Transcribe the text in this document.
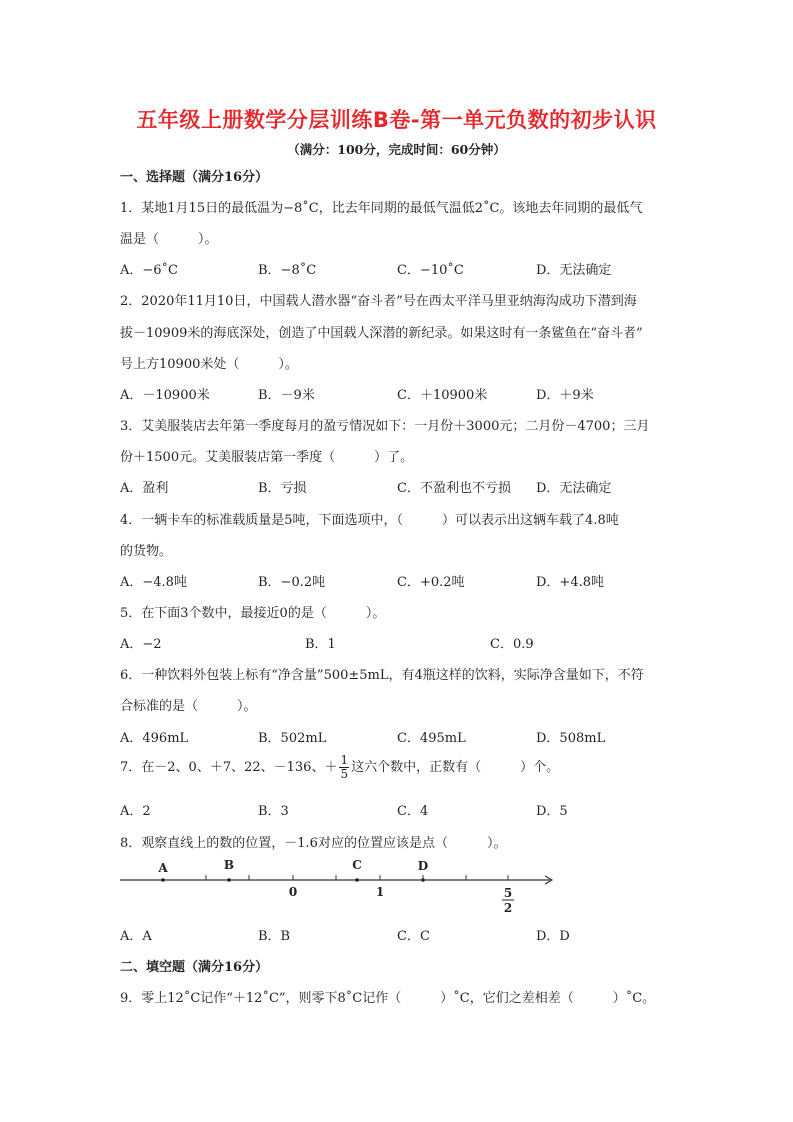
五年级上册数学分层训练B卷-第一单元负数的初步认识
（满分：100分，完成时间：60分钟）
一、选择题（满分16分）
1．某地1月15日的最低温为−8˚C，比去年同期的最低气温低2˚C。该地去年同期的最低气
温是（　　　）。
A．−6˚C	B．−8˚C	C．−10˚C	D．无法确定
2．2020年11月10日，中国载人潜水器“奋斗者”号在西太平洋马里亚纳海沟成功下潜到海
拔－10909米的海底深处，创造了中国载人深潜的新纪录。如果这时有一条鲨鱼在“奋斗者”
号上方10900米处（　　　）。
A．－10900米	B．－9米	C．＋10900米	D．＋9米
3．艾美服装店去年第一季度每月的盈亏情况如下：一月份＋3000元；二月份－4700；三月
份＋1500元。艾美服装店第一季度（　　　）了。
A．盈利	B．亏损	C．不盈利也不亏损 D．无法确定
4．一辆卡车的标准载质量是5吨，下面选项中，（　　　）可以表示出这辆车载了4.8吨
的货物。
A．−4.8吨	B．−0.2吨	C．+0.2吨	D．+4.8吨
5．在下面3个数中，最接近0的是（　　　）。
A．−2	B．1	C．0.9
6．一种饮料外包装上标有“净含量”500±5mL，有4瓶这样的饮料，实际净含量如下，不符
合标准的是（　　　）。
A．496mL	B．502mL	C．495mL	D．508mL
7．在－2、0、＋7、22、－136、＋ $\frac{1}{5}$ 这六个数中，正数有（　　　）个。
A．2	B．3	C．4	D．5
8．观察直线上的数的位置，－1.6对应的位置应该是点（　　　）。
A	B	C	D
0	1	5
2
A．A	B．B	C．C	D．D
二、填空题（满分16分）
9．零上12˚C记作“＋12˚C”，则零下8˚C记作（　　　）˚C，它们之差相差（　　　）˚C。
